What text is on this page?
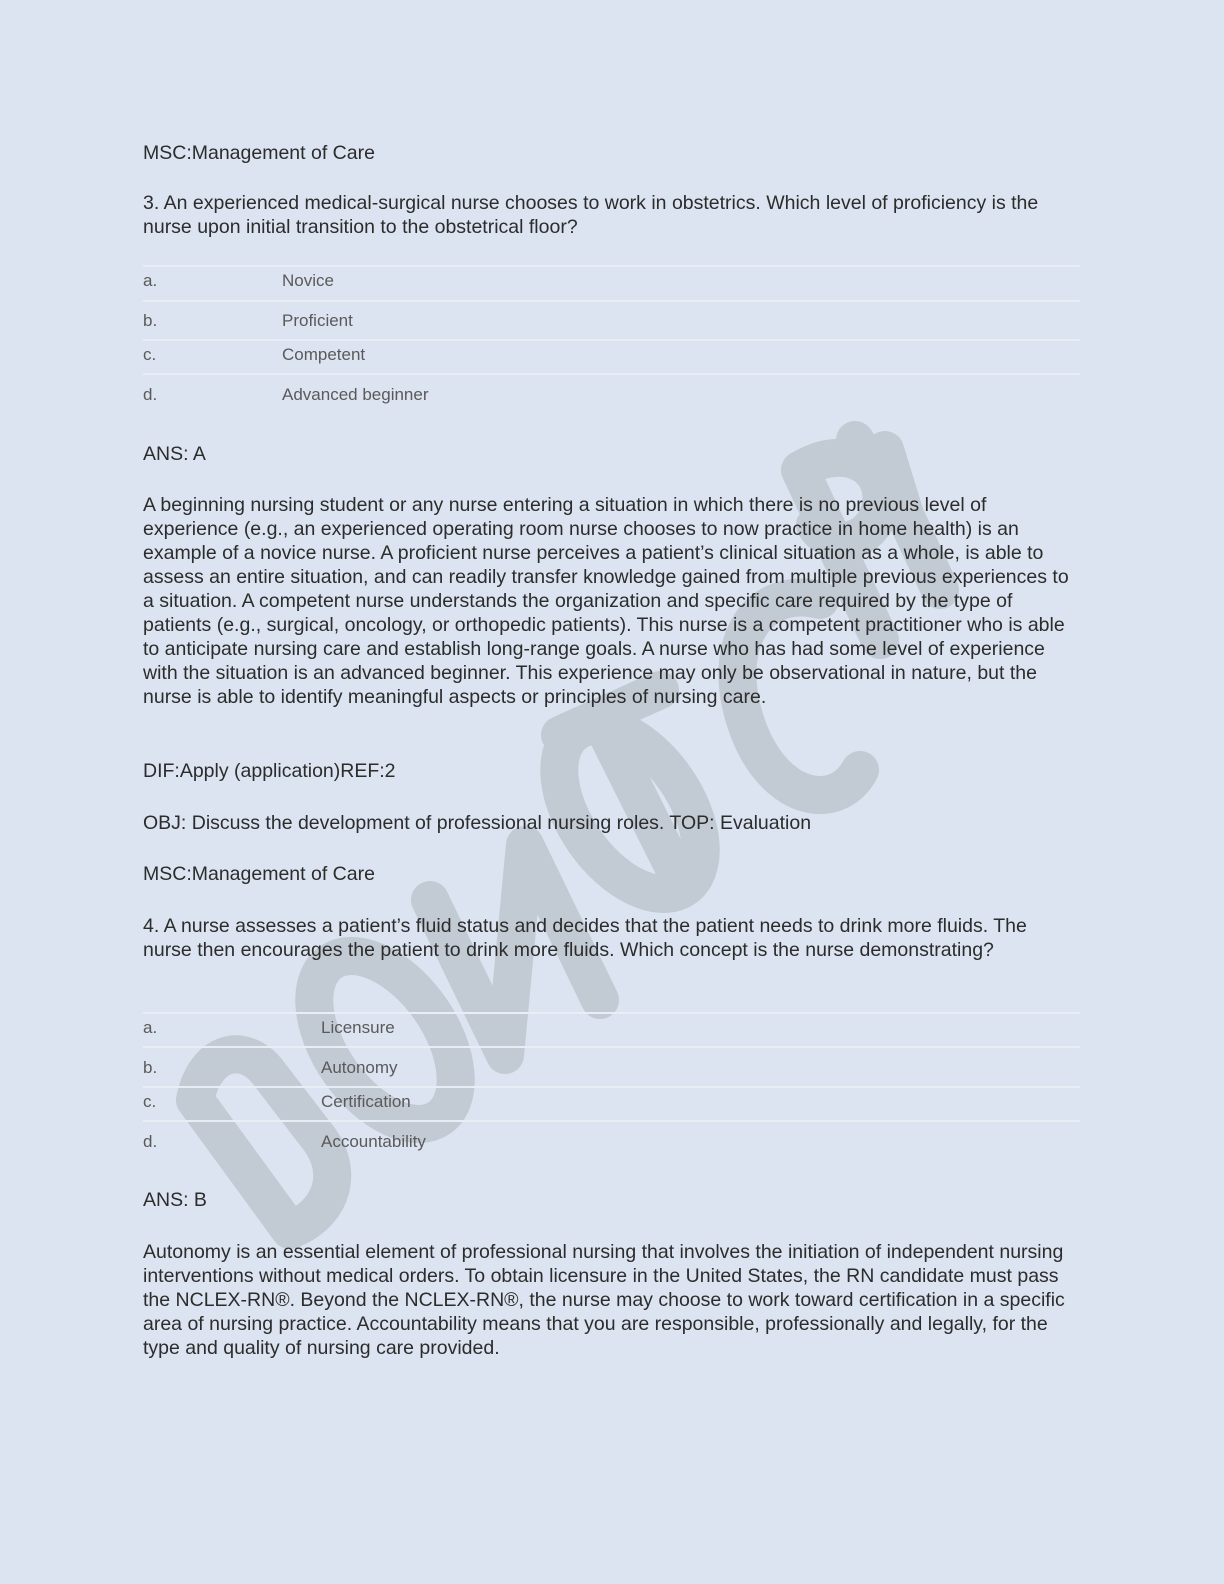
MSC:Management of Care

3. An experienced medical-surgical nurse chooses to work in obstetrics. Which level of proficiency is the nurse upon initial transition to the obstetrical floor?

a.	Novice
b.	Proficient
c.	Competent
d.	Advanced beginner

ANS: A

A beginning nursing student or any nurse entering a situation in which there is no previous level of experience (e.g., an experienced operating room nurse chooses to now practice in home health) is an example of a novice nurse. A proficient nurse perceives a patient’s clinical situation as a whole, is able to assess an entire situation, and can readily transfer knowledge gained from multiple previous experiences to a situation. A competent nurse understands the organization and specific care required by the type of patients (e.g., surgical, oncology, or orthopedic patients). This nurse is a competent practitioner who is able to anticipate nursing care and establish long-range goals. A nurse who has had some level of experience with the situation is an advanced beginner. This experience may only be observational in nature, but the nurse is able to identify meaningful aspects or principles of nursing care.

DIF:Apply (application)REF:2

OBJ: Discuss the development of professional nursing roles. TOP: Evaluation

MSC:Management of Care

4. A nurse assesses a patient’s fluid status and decides that the patient needs to drink more fluids. The nurse then encourages the patient to drink more fluids. Which concept is the nurse demonstrating?

a.	Licensure
b.	Autonomy
c.	Certification
d.	Accountability

ANS: B

Autonomy is an essential element of professional nursing that involves the initiation of independent nursing interventions without medical orders. To obtain licensure in the United States, the RN candidate must pass the NCLEX-RN®. Beyond the NCLEX-RN®, the nurse may choose to work toward certification in a specific area of nursing practice. Accountability means that you are responsible, professionally and legally, for the type and quality of nursing care provided.
